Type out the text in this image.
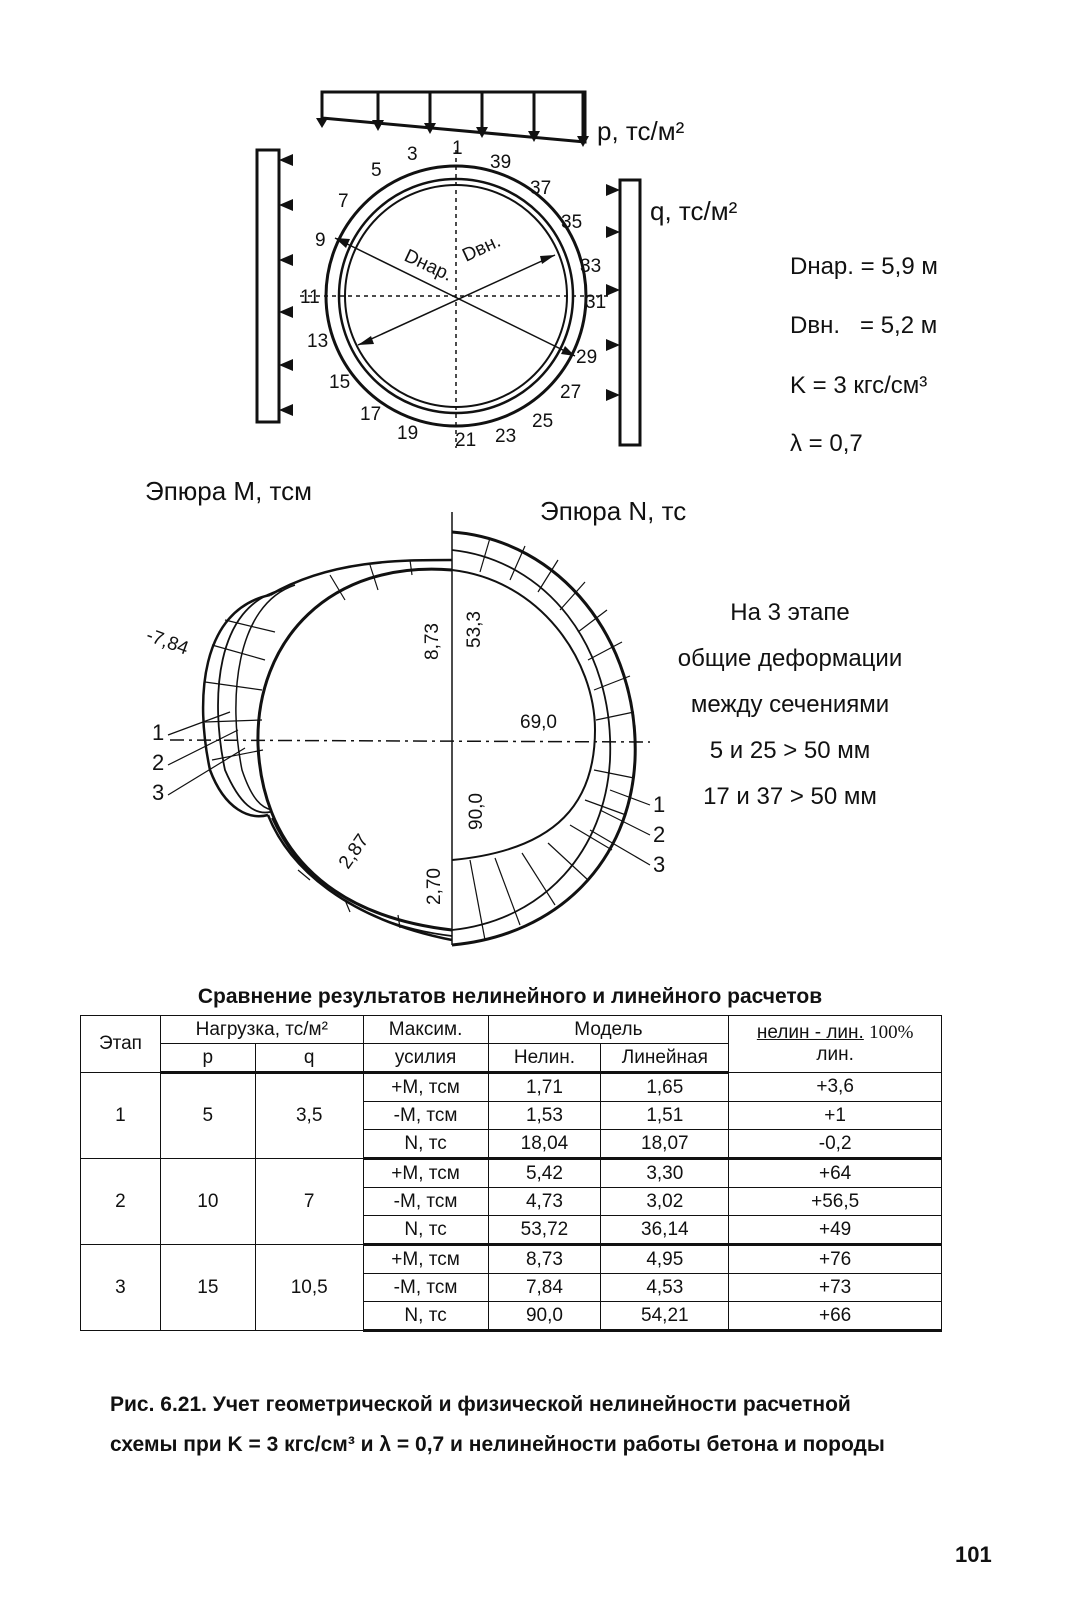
p, тс/м²
q, тс/м²
Dнар. Dвн.
1
3
5
7
9
11
13
15
17
19 21 23
25
27
29
31
33
35
37
39
Эпюра M, тсм
Эпюра N, тс
-7,84	8,73 53,3
69,0
90,0
2,87
2,70
1
2
3	1
2
3
Dнар. = 5,9 м
Dвн.   = 5,2 м
K = 3 кгс/см³
λ = 0,7
На 3 этапе
общие деформации
между сечениями
5 и 25 > 50 мм
17 и 37 > 50 мм
Сравнение результатов нелинейного и линейного расчетов
Этап	Нагрузка, тс/м²		Максим.	Модель		нелин - лин. 100%
лин.
	p	q	усилия	Нелин.	Линейная	
1	5	3,5	+M, тсм	1,71	1,65	+3,6
			-M, тсм	1,53	1,51	+1
			N, тс	18,04	18,07	-0,2
2	10	7	+M, тсм	5,42	3,30	+64
			-M, тсм	4,73	3,02	+56,5
			N, тс	53,72	36,14	+49
3	15	10,5	+M, тсм	8,73	4,95	+76
			-M, тсм	7,84	4,53	+73
			N, тс	90,0	54,21	+66
Рис. 6.21. Учет геометрической и физической нелинейности расчетной
схемы при K = 3 кгс/см³ и λ = 0,7 и нелинейности работы бетона и породы
101
